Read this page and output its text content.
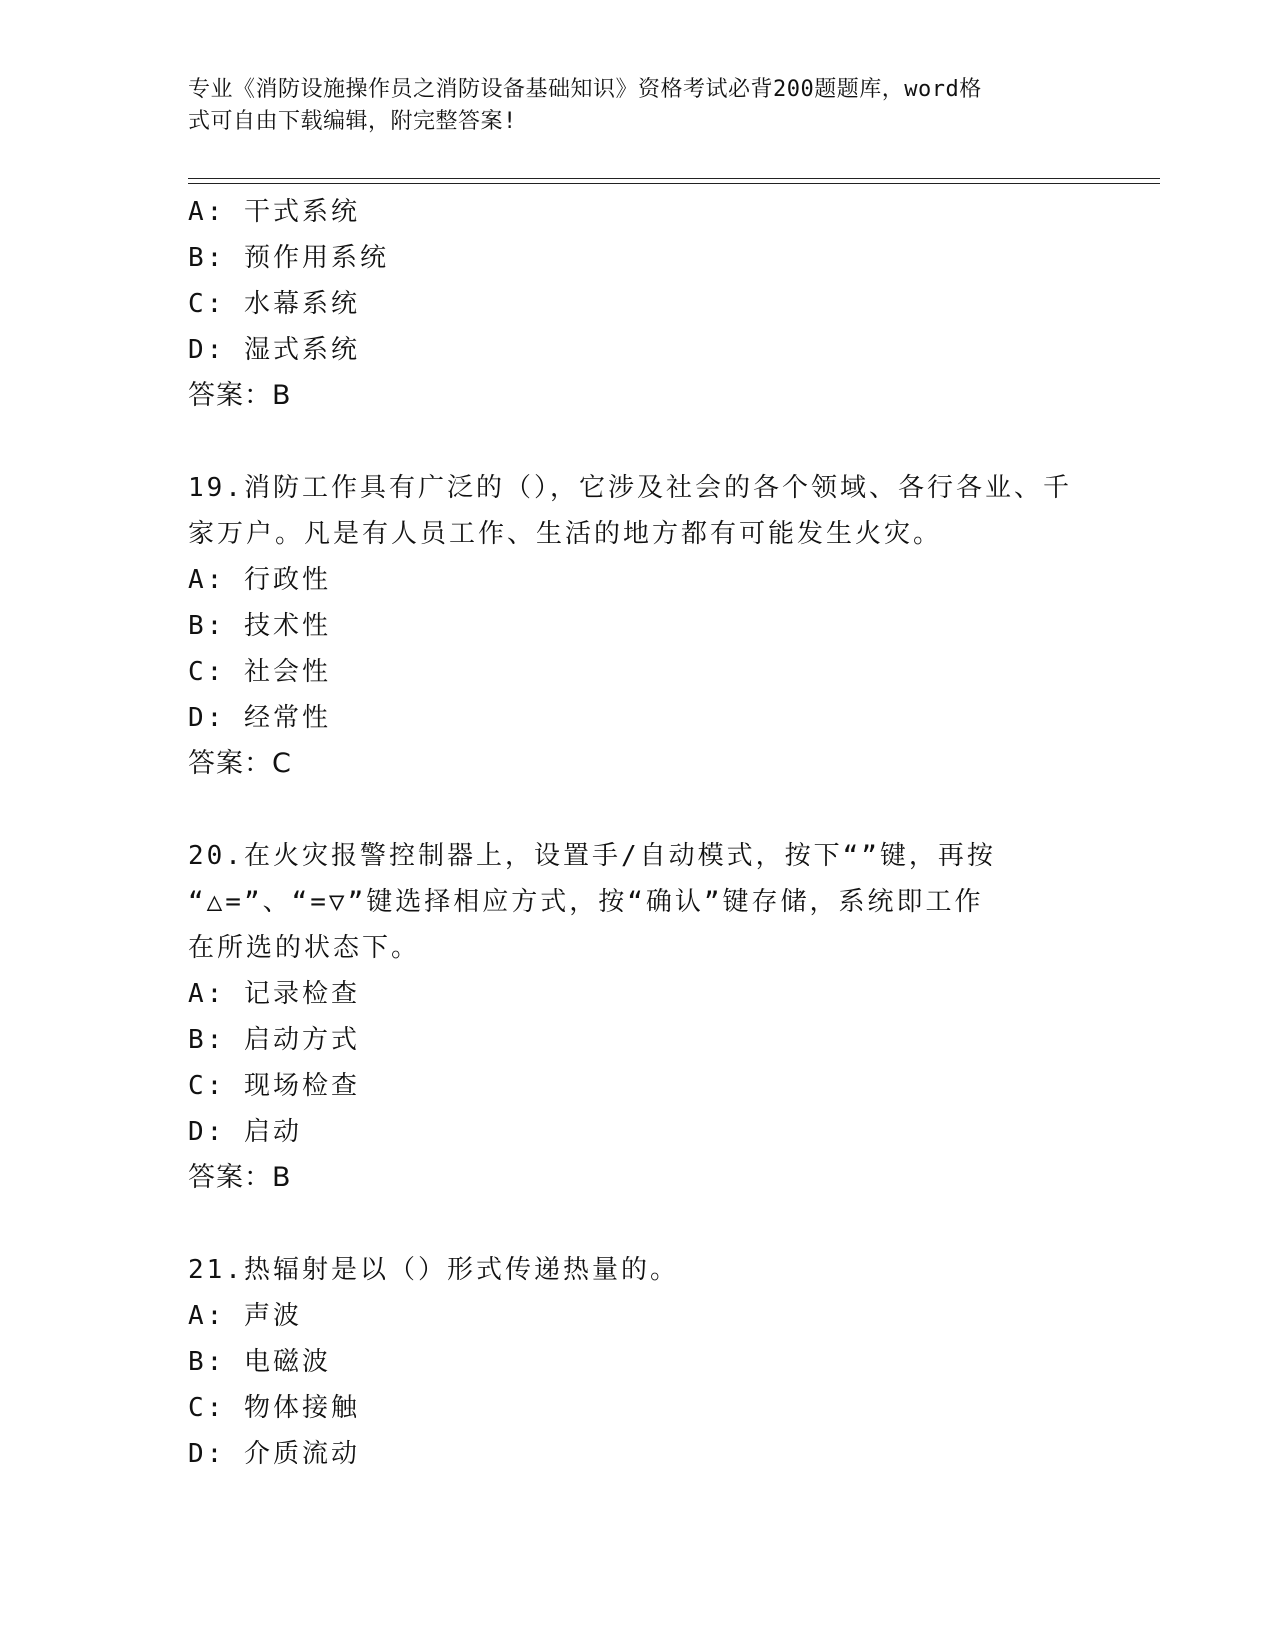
专业《消防设施操作员之消防设备基础知识》资格考试必背200题题库，word格
式可自由下载编辑，附完整答案!
A: 干式系统
B: 预作用系统
C: 水幕系统
D: 湿式系统
答案：B
19.消防工作具有广泛的（），它涉及社会的各个领域、各行各业、千
家万户。凡是有人员工作、生活的地方都有可能发生火灾。
A: 行政性
B: 技术性
C: 社会性
D: 经常性
答案：C
20.在火灾报警控制器上，设置手/自动模式，按下“”键，再按
“△=”、“=▽”键选择相应方式，按“确认”键存储，系统即工作
在所选的状态下。
A: 记录检查
B: 启动方式
C: 现场检查
D: 启动
答案：B
21.热辐射是以（）形式传递热量的。
A: 声波
B: 电磁波
C: 物体接触
D: 介质流动
